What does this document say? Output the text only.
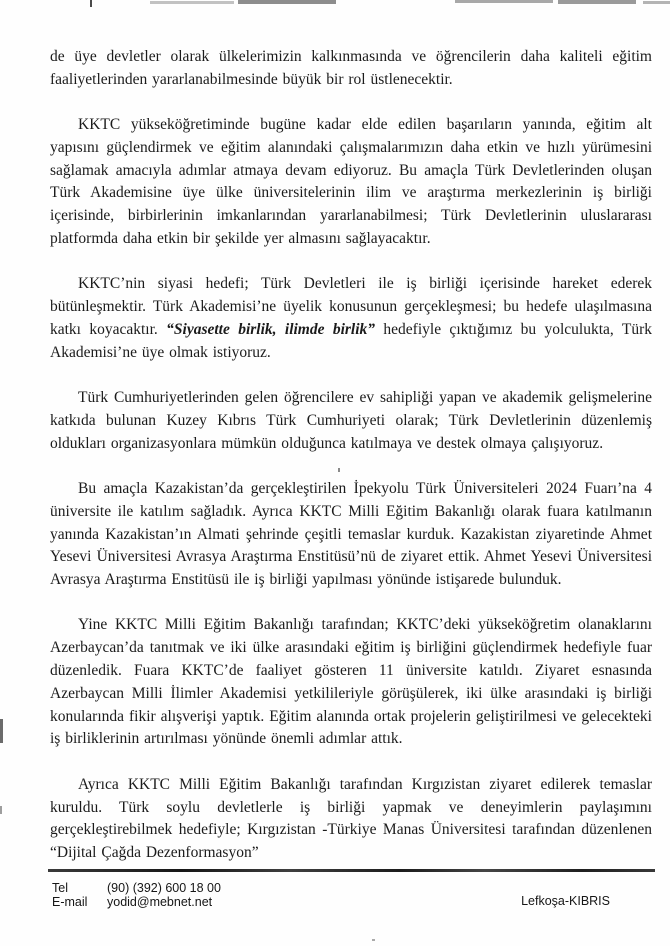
de üye devletler olarak ülkelerimizin kalkınmasında ve öğrencilerin daha kaliteli eğitim faaliyetlerinden yararlanabilmesinde büyük bir rol üstlenecektir.

KKTC yükseköğretiminde bugüne kadar elde edilen başarıların yanında, eğitim alt yapısını güçlendirmek ve eğitim alanındaki çalışmalarımızın daha etkin ve hızlı yürümesini sağlamak amacıyla adımlar atmaya devam ediyoruz. Bu amaçla Türk Devletlerinden oluşan Türk Akademisine üye ülke üniversitelerinin ilim ve araştırma merkezlerinin iş birliği içerisinde, birbirlerinin imkanlarından yararlanabilmesi; Türk Devletlerinin uluslararası platformda daha etkin bir şekilde yer almasını sağlayacaktır.

KKTC’nin siyasi hedefi; Türk Devletleri ile iş birliği içerisinde hareket ederek bütünleşmektir. Türk Akademisi’ne üyelik konusunun gerçekleşmesi; bu hedefe ulaşılmasına katkı koyacaktır. “Siyasette birlik, ilimde birlik” hedefiyle çıktığımız bu yolculukta, Türk Akademisi’ne üye olmak istiyoruz.

Türk Cumhuriyetlerinden gelen öğrencilere ev sahipliği yapan ve akademik gelişmelerine katkıda bulunan Kuzey Kıbrıs Türk Cumhuriyeti olarak; Türk Devletlerinin düzenlemiş oldukları organizasyonlara mümkün olduğunca katılmaya ve destek olmaya çalışıyoruz.

Bu amaçla Kazakistan’da gerçekleştirilen İpekyolu Türk Üniversiteleri 2024 Fuarı’na 4 üniversite ile katılım sağladık. Ayrıca KKTC Milli Eğitim Bakanlığı olarak fuara katılmanın yanında Kazakistan’ın Almati şehrinde çeşitli temaslar kurduk. Kazakistan ziyaretinde Ahmet Yesevi Üniversitesi Avrasya Araştırma Enstitüsü’nü de ziyaret ettik. Ahmet Yesevi Üniversitesi Avrasya Araştırma Enstitüsü ile iş birliği yapılması yönünde istişarede bulunduk.

Yine KKTC Milli Eğitim Bakanlığı tarafından; KKTC’deki yükseköğretim olanaklarını Azerbaycan’da tanıtmak ve iki ülke arasındaki eğitim iş birliğini güçlendirmek hedefiyle fuar düzenledik. Fuara KKTC’de faaliyet gösteren 11 üniversite katıldı. Ziyaret esnasında Azerbaycan Milli İlimler Akademisi yetkilileriyle görüşülerek, iki ülke arasındaki iş birliği konularında fikir alışverişi yaptık. Eğitim alanında ortak projelerin geliştirilmesi ve gelecekteki iş birliklerinin artırılması yönünde önemli adımlar attık.

Ayrıca KKTC Milli Eğitim Bakanlığı tarafından Kırgızistan ziyaret edilerek temaslar kuruldu. Türk soylu devletlerle iş birliği yapmak ve deneyimlerin paylaşımını gerçekleştirebilmek hedefiyle; Kırgızistan -Türkiye Manas Üniversitesi tarafından düzenlenen “Dijital Çağda Dezenformasyon”

Tel	(90) (392) 600 18 00
E-mail	yodid@mebnet.net	Lefkoşa-KIBRIS
